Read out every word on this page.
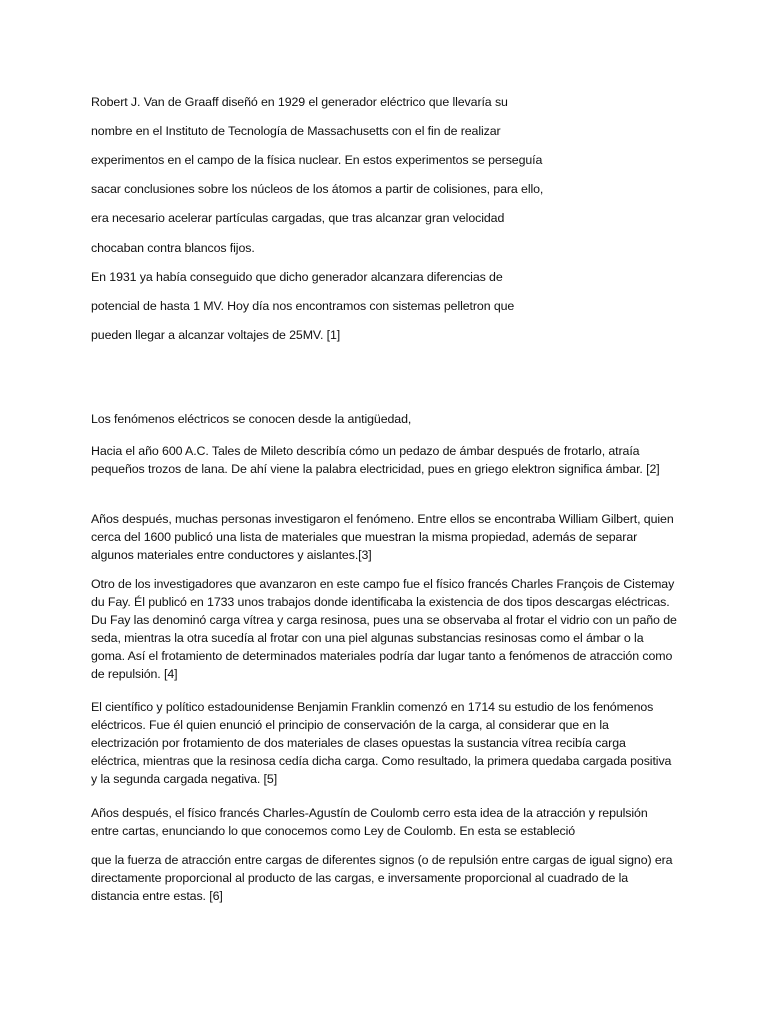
Robert J. Van de Graaff diseñó en 1929 el generador eléctrico que llevaría su
nombre en el Instituto de Tecnología de Massachusetts con el fin de realizar
experimentos en el campo de la física nuclear. En estos experimentos se perseguía
sacar conclusiones sobre los núcleos de los átomos a partir de colisiones, para ello,
era necesario acelerar partículas cargadas, que tras alcanzar gran velocidad
chocaban contra blancos fijos.
En 1931 ya había conseguido que dicho generador alcanzara diferencias de
potencial de hasta 1 MV. Hoy día nos encontramos con sistemas pelletron que
pueden llegar a alcanzar voltajes de 25MV. [1]

Los fenómenos eléctricos se conocen desde la antigüedad,

Hacia el año 600 A.C. Tales de Mileto describía cómo un pedazo de ámbar después de frotarlo, atraía pequeños trozos de lana. De ahí viene la palabra electricidad, pues en griego elektron significa ámbar. [2]

Años después, muchas personas investigaron el fenómeno. Entre ellos se encontraba William Gilbert, quien cerca del 1600 publicó una lista de materiales que muestran la misma propiedad, además de separar algunos materiales entre conductores y aislantes.[3]

Otro de los investigadores que avanzaron en este campo fue el físico francés Charles François de Cistemay du Fay. Él publicó en 1733 unos trabajos donde identificaba la existencia de dos tipos descargas eléctricas. Du Fay las denominó carga vítrea y carga resinosa, pues una se observaba al frotar el vidrio con un paño de seda, mientras la otra sucedía al frotar con una piel algunas substancias resinosas como el ámbar o la goma. Así el frotamiento de determinados materiales podría dar lugar tanto a fenómenos de atracción como de repulsión. [4]

El científico y político estadounidense Benjamin Franklin comenzó en 1714 su estudio de los fenómenos eléctricos. Fue él quien enunció el principio de conservación de la carga, al considerar que en la electrización por frotamiento de dos materiales de clases opuestas la sustancia vítrea recibía carga eléctrica, mientras que la resinosa cedía dicha carga. Como resultado, la primera quedaba cargada positiva y la segunda cargada negativa. [5]

Años después, el físico francés Charles-Agustín de Coulomb cerro esta idea de la atracción y repulsión entre cartas, enunciando lo que conocemos como Ley de Coulomb. En esta se estableció

que la fuerza de atracción entre cargas de diferentes signos (o de repulsión entre cargas de igual signo) era directamente proporcional al producto de las cargas, e inversamente proporcional al cuadrado de la distancia entre estas. [6]
